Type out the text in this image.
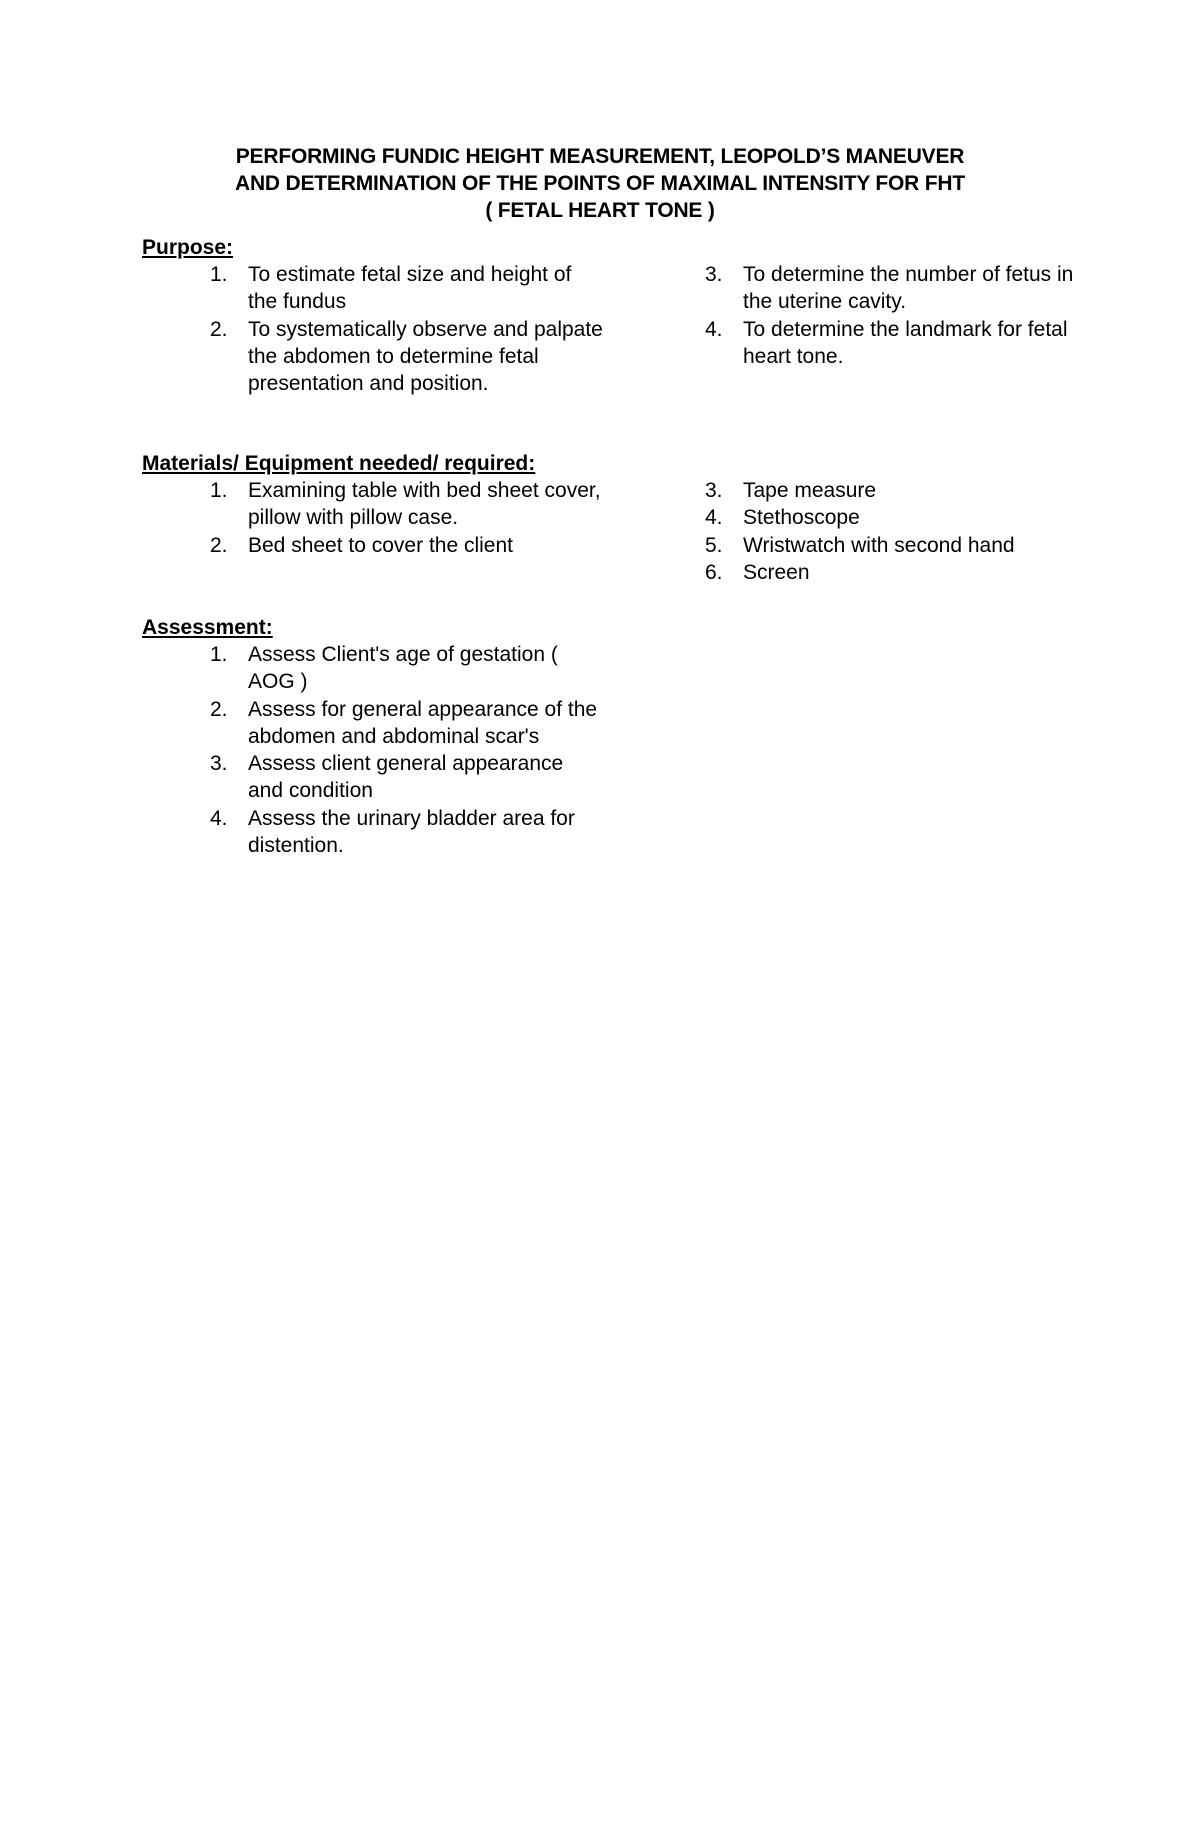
PERFORMING FUNDIC HEIGHT MEASUREMENT, LEOPOLD’S MANEUVER
AND DETERMINATION OF THE POINTS OF MAXIMAL INTENSITY FOR FHT
( FETAL HEART TONE )
Purpose:
1. To estimate fetal size and height of the fundus
2. To systematically observe and palpate the abdomen to determine fetal presentation and position.
3. To determine the number of fetus in the uterine cavity.
4. To determine the landmark for fetal heart tone.
Materials/ Equipment needed/ required:
1. Examining table with bed sheet cover, pillow with pillow case.
2. Bed sheet to cover the client
3. Tape measure
4. Stethoscope
5. Wristwatch with second hand
6. Screen
Assessment:
1. Assess Client's age of gestation ( AOG )
2. Assess for general appearance of the abdomen and abdominal scar's
3. Assess client general appearance and condition
4. Assess the urinary bladder area for distention.
